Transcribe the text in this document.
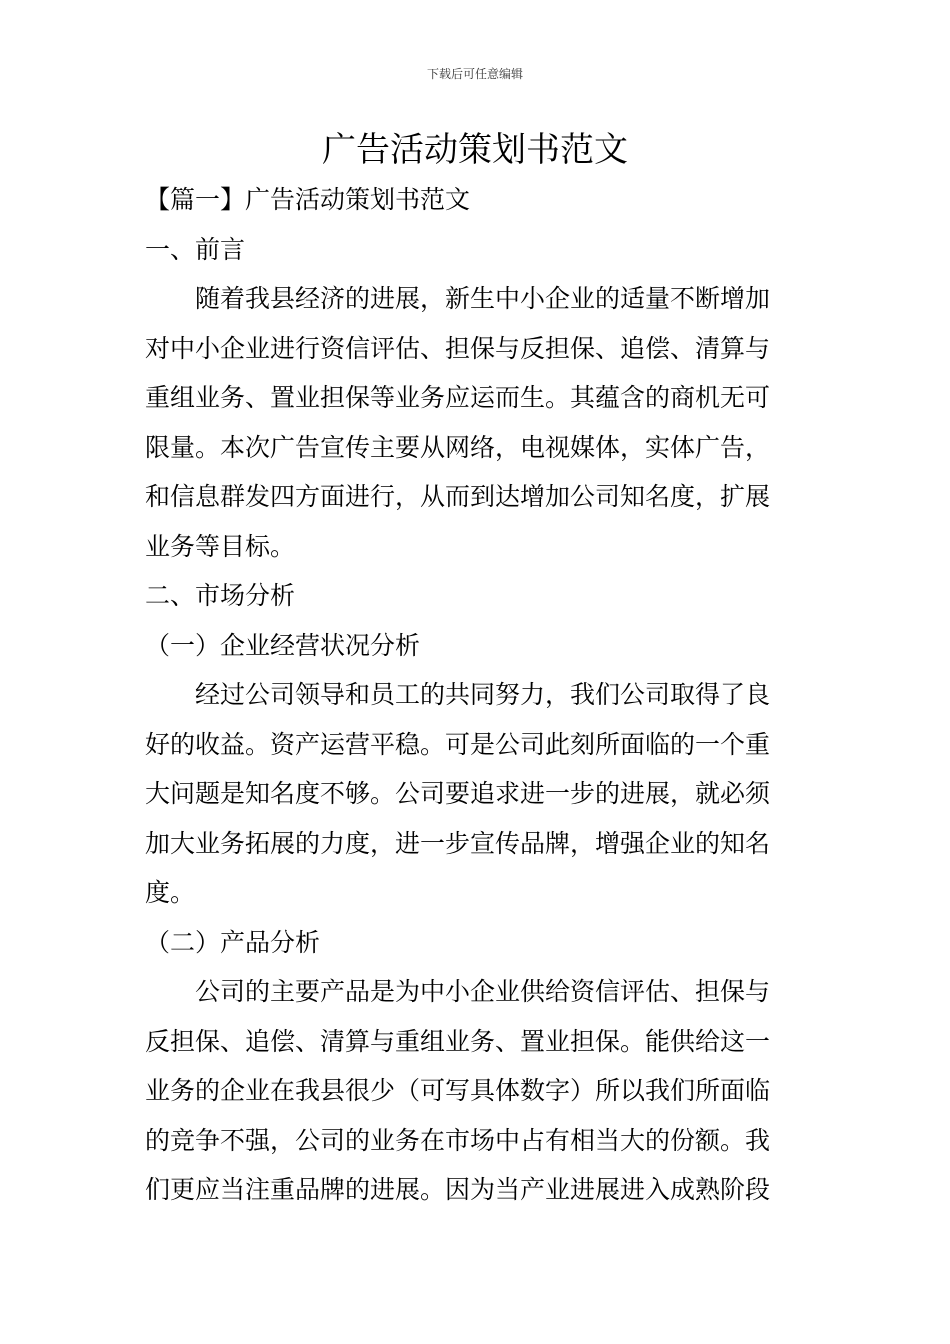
下载后可任意编辑
广告活动策划书范文

【篇一】广告活动策划书范文

一、前言

随着我县经济的进展，新生中小企业的适量不断增加
对中小企业进行资信评估、担保与反担保、追偿、清算与
重组业务、置业担保等业务应运而生。其蕴含的商机无可
限量。本次广告宣传主要从网络，电视媒体，实体广告，
和信息群发四方面进行，从而到达增加公司知名度，扩展
业务等目标。

二、市场分析

（一）企业经营状况分析

经过公司领导和员工的共同努力，我们公司取得了良
好的收益。资产运营平稳。可是公司此刻所面临的一个重
大问题是知名度不够。公司要追求进一步的进展，就必须
加大业务拓展的力度，进一步宣传品牌，增强企业的知名
度。

（二）产品分析

公司的主要产品是为中小企业供给资信评估、担保与
反担保、追偿、清算与重组业务、置业担保。能供给这一
业务的企业在我县很少（可写具体数字）所以我们所面临
的竞争不强，公司的业务在市场中占有相当大的份额。我
们更应当注重品牌的进展。因为当产业进展进入成熟阶段
